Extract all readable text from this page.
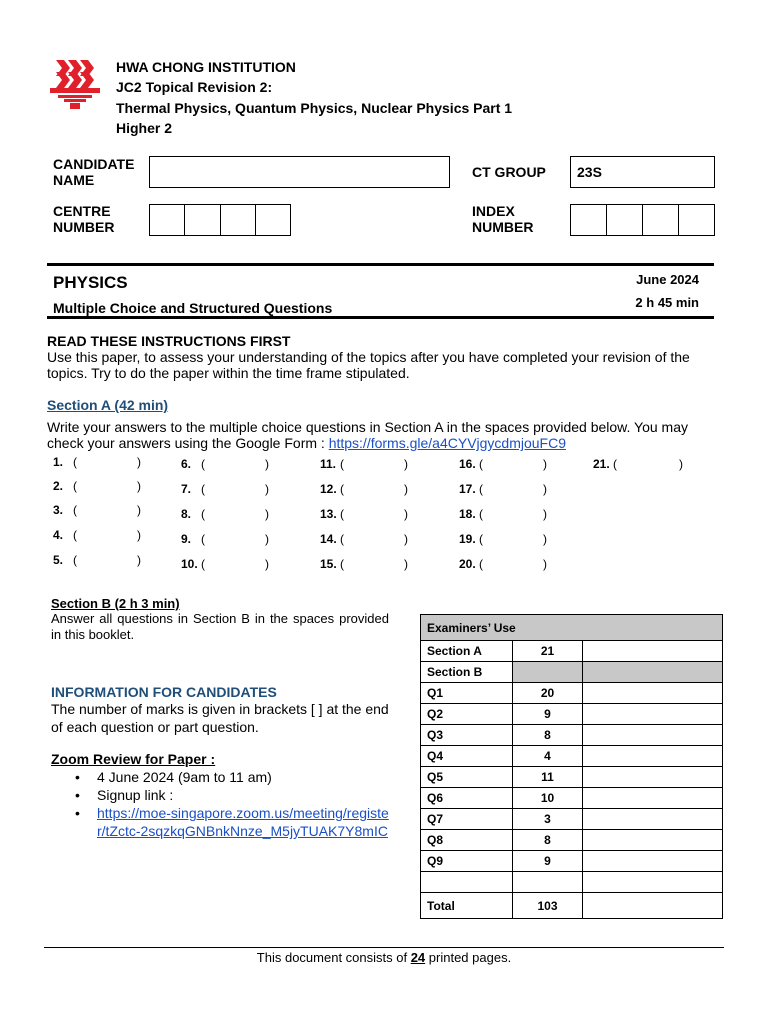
HWA CHONG INSTITUTION
JC2 Topical Revision 2:
Thermal Physics, Quantum Physics, Nuclear Physics Part 1
Higher 2
CANDIDATE
NAME	CT GROUP	23S
CENTRE
NUMBER
INDEX
NUMBER
PHYSICS
Multiple Choice and Structured Questions
June 2024
2 h 45 min
READ THESE INSTRUCTIONS FIRST
Use this paper, to assess your understanding of the topics after you have completed your revision of the topics. Try to do the paper within the time frame stipulated.
Section A (42 min)
Write your answers to the multiple choice questions in Section A in the spaces provided below. You may check your answers using the Google Form : https://forms.gle/a4CYVjgycdmjouFC9
1. (	)
2. (	)
3. (	)
4. (	)
5. (	)
6. (	)
7. (	)
8. (	)
9. (	)
10. (	)
11. (	)
12. (	)
13. (	)
14. (	)
15. (	)
16. (	)
17. (	)
18. (	)
19. (	)
20. (	)
21. (	)
Section B (2 h 3 min)
Answer all questions in Section B in the spaces provided in this booklet.
INFORMATION FOR CANDIDATES
The number of marks is given in brackets [ ] at the end of each question or part question.
Zoom Review for Paper :
• 4 June 2024 (9am to 11 am)
• Signup link :
•	https://moe-singapore.zoom.us/meeting/register/tZctc-2sqzkqGNBnkNnze_M5jyTUAK7Y8mIC
Examiners’ Use		
Section A	21	
Section B		
Q1	20	
Q2	9	
Q3	8	
Q4	4	
Q5	11	
Q6	10	
Q7	3	
Q8	8	
Q9	9	

Total	103	
This document consists of 24 printed pages.
